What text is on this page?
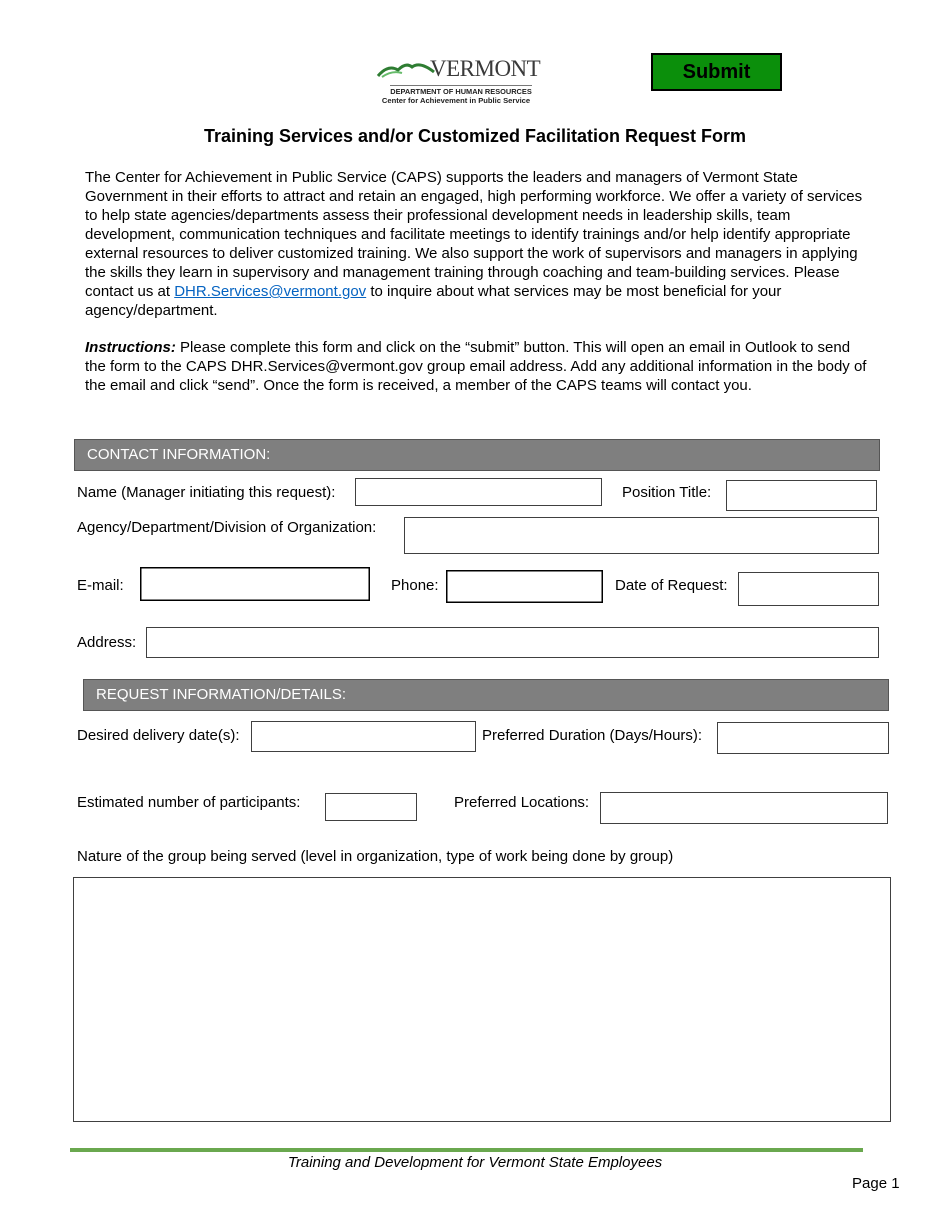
VERMONT
DEPARTMENT OF HUMAN RESOURCES
Center for Achievement in Public Service
Submit
Training Services and/or Customized Facilitation Request Form
The Center for Achievement in Public Service (CAPS) supports the leaders and managers of Vermont State Government in their efforts to attract and retain an engaged, high performing workforce. We offer a variety of services to help state agencies/departments assess their professional development needs in leadership skills, team development, communication techniques and facilitate meetings to identify trainings and/or help identify appropriate external resources to deliver customized training. We also support the work of supervisors and managers in applying the skills they learn in supervisory and management training through coaching and team-building services. Please contact us at DHR.Services@vermont.gov to inquire about what services may be most beneficial for your agency/department.
Instructions: Please complete this form and click on the “submit” button. This will open an email in Outlook to send the form to the CAPS DHR.Services@vermont.gov group email address. Add any additional information in the body of the email and click “send”. Once the form is received, a member of the CAPS teams will contact you.
CONTACT INFORMATION:
Name (Manager initiating this request):	Position Title:
Agency/Department/Division of Organization:
E-mail:	Phone:	Date of Request:
Address:
REQUEST INFORMATION/DETAILS:
Desired delivery date(s):	Preferred Duration (Days/Hours):
Estimated number of participants:	Preferred Locations:
Nature of the group being served (level in organization, type of work being done by group)
Training and Development for Vermont State Employees
Page 1
